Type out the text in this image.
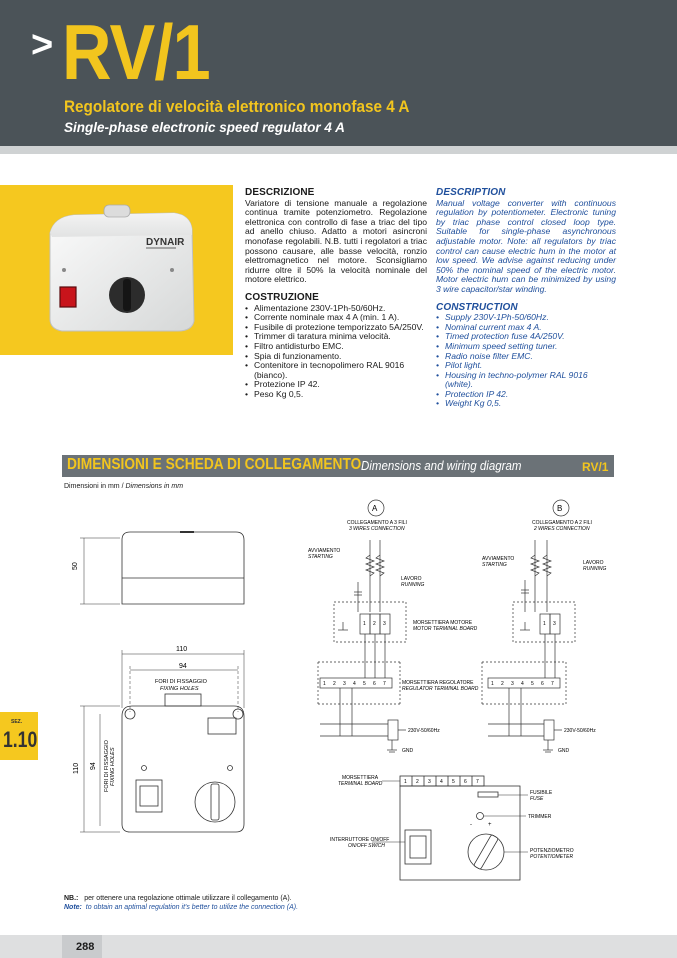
> RV/1
Regolatore di velocità elettronico monofase 4 A
Single-phase electronic speed regulator 4 A
DYNAIR
DESCRIZIONE

Variatore di tensione manuale a regolazione continua tramite potenziometro. Regolazione elettronica con controllo di fase a triac del tipo ad anello chiuso. Adatto a motori asincroni monofase regolabili. N.B. tutti i regolatori a triac possono causare, alle basse velocità, ronzio elettromagnetico nel motore. Sconsigliamo ridurre oltre il 50% la velocità nominale del motore elettrico.

COSTRUZIONE
• Alimentazione 230V-1Ph-50/60Hz.
• Corrente nominale max 4 A (min. 1 A).
• Fusibile di protezione temporizzato 5A/250V.
• Trimmer di taratura minima velocità.
• Filtro antidisturbo EMC.
• Spia di funzionamento.
• Contenitore in tecnopolimero RAL 9016 (bianco).
• Protezione IP 42.
• Peso Kg 0,5.
DESCRIPTION

Manual voltage converter with continuous regulation by potentiometer. Electronic tuning by triac phase control closed loop type. Suitable for single-phase asynchronous adjustable motor. Note: all regulators by triac control can cause electric hum in the motor at low speed. We advise against reducing under 50% the nominal speed of the electric motor. Motor electric hum can be minimized by using 3 wire capacitor/star winding.

CONSTRUCTION
• Supply 230V-1Ph-50/60Hz.
• Nominal current max 4 A.
• Timed protection fuse 4A/250V.
• Minimum speed setting tuner.
• Radio noise filter EMC.
• Pilot light.
• Housing in techno-polymer RAL 9016 (white).
• Protection IP 42.
• Weight Kg 0,5.
DIMENSIONI E SCHEDA DI COLLEGAMENTO Dimensions and wiring diagram	RV/1
Dimensioni in mm / Dimensions in mm
SEZ.
1.10
50
110
94
FORI DI FISSAGGIO
FIXING HOLES
110 94 FORI DI FISSAGGIO FIXING HOLES
A
COLLEGAMENTO A 3 FILI
3 WIRES CONNECTION
AVVIAMENTO
STARTING
LAVORO
RUNNING
1 2 3	MORSETTIERA MOTORE
MOTOR TERMINAL BOARD
1 2 3 4 5 6 7	MORSETTIERA REGOLATORE
REGULATOR TERMINAL BOARD
230V-50/60Hz
GND
B
COLLEGAMENTO A 2 FILI
2 WIRES CONNECTION
AVVIAMENTO
STARTING	LAVORO
RUNNING
1 3
1 2 3 4 5 6 7
230V-50/60Hz
GND
MORSETTIERA
TERMINAL BOARD	1 2 3 4 5 6 7
FUSIBILE
FUSE
TRIMMER
-	+
INTERRUTTORE ON/OFF
ON/OFF SWICH
POTENZIOMETRO
POTENTIOMETER
NB.: per ottenere una regolazione ottimale utilizzare il collegamento (A).
Note: to obtain an aptimal regulation it's better to utilize the connection (A).
288
